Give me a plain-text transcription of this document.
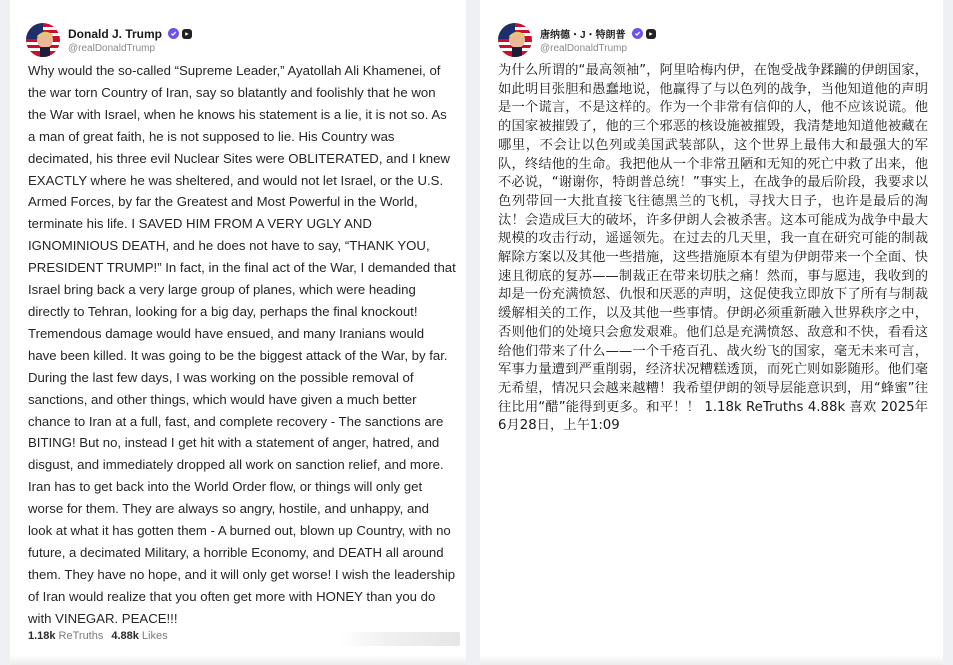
Donald J. Trump
@realDonaldTrump

Why would the so-called “Supreme Leader,” Ayatollah Ali Khamenei, of the war torn Country of Iran, say so blatantly and foolishly that he won the War with Israel, when he knows his statement is a lie, it is not so. As a man of great faith, he is not supposed to lie. His Country was decimated, his three evil Nuclear Sites were OBLITERATED, and I knew EXACTLY where he was sheltered, and would not let Israel, or the U.S. Armed Forces, by far the Greatest and Most Powerful in the World, terminate his life. I SAVED HIM FROM A VERY UGLY AND IGNOMINIOUS DEATH, and he does not have to say, “THANK YOU, PRESIDENT TRUMP!” In fact, in the final act of the War, I demanded that Israel bring back a very large group of planes, which were heading directly to Tehran, looking for a big day, perhaps the final knockout! Tremendous damage would have ensued, and many Iranians would have been killed. It was going to be the biggest attack of the War, by far. During the last few days, I was working on the possible removal of sanctions, and other things, which would have given a much better chance to Iran at a full, fast, and complete recovery - The sanctions are BITING! But no, instead I get hit with a statement of anger, hatred, and disgust, and immediately dropped all work on sanction relief, and more. Iran has to get back into the World Order flow, or things will only get worse for them. They are always so angry, hostile, and unhappy, and look at what it has gotten them - A burned out, blown up Country, with no future, a decimated Military, a horrible Economy, and DEATH all around them. They have no hope, and it will only get worse! I wish the leadership of Iran would realize that you often get more with HONEY than you do with VINEGAR. PEACE!!!

1.18k ReTruths 4.88k Likes
唐纳德・J・特朗普
@realDonaldTrump

为什么所谓的“最高领袖”，阿里哈梅内伊，在饱受战争蹂躏的伊朗国家，如此明目张胆和愚蠢地说，他赢得了与以色列的战争，当他知道他的声明是一个谎言，不是这样的。作为一个非常有信仰的人，他不应该说谎。他的国家被摧毁了，他的三个邪恶的核设施被摧毁，我清楚地知道他被藏在哪里，不会让以色列或美国武装部队，这个世界上最伟大和最强大的军队，终结他的生命。我把他从一个非常丑陋和无知的死亡中救了出来，他不必说，“谢谢你，特朗普总统！”事实上，在战争的最后阶段，我要求以色列带回一大批直接飞往德黑兰的飞机，寻找大日子，也许是最后的淘汰！会造成巨大的破坏，许多伊朗人会被杀害。这本可能成为战争中最大规模的攻击行动，遥遥领先。在过去的几天里，我一直在研究可能的制裁解除方案以及其他一些措施，这些措施原本有望为伊朗带来一个全面、快速且彻底的复苏——制裁正在带来切肤之痛！然而，事与愿违，我收到的却是一份充满愤怒、仇恨和厌恶的声明，这促使我立即放下了所有与制裁缓解相关的工作，以及其他一些事情。伊朗必须重新融入世界秩序之中，否则他们的处境只会愈发艰难。他们总是充满愤怒、敌意和不快，看看这给他们带来了什么——一个千疮百孔、战火纷飞的国家，毫无未来可言，军事力量遭到严重削弱，经济状况糟糕透顶，而死亡则如影随形。他们毫无希望，情况只会越来越糟！我希望伊朗的领导层能意识到，用“蜂蜜”往往比用“醋”能得到更多。和平！！ 1.18k ReTruths 4.88k 喜欢 2025年6月28日，上午1:09
